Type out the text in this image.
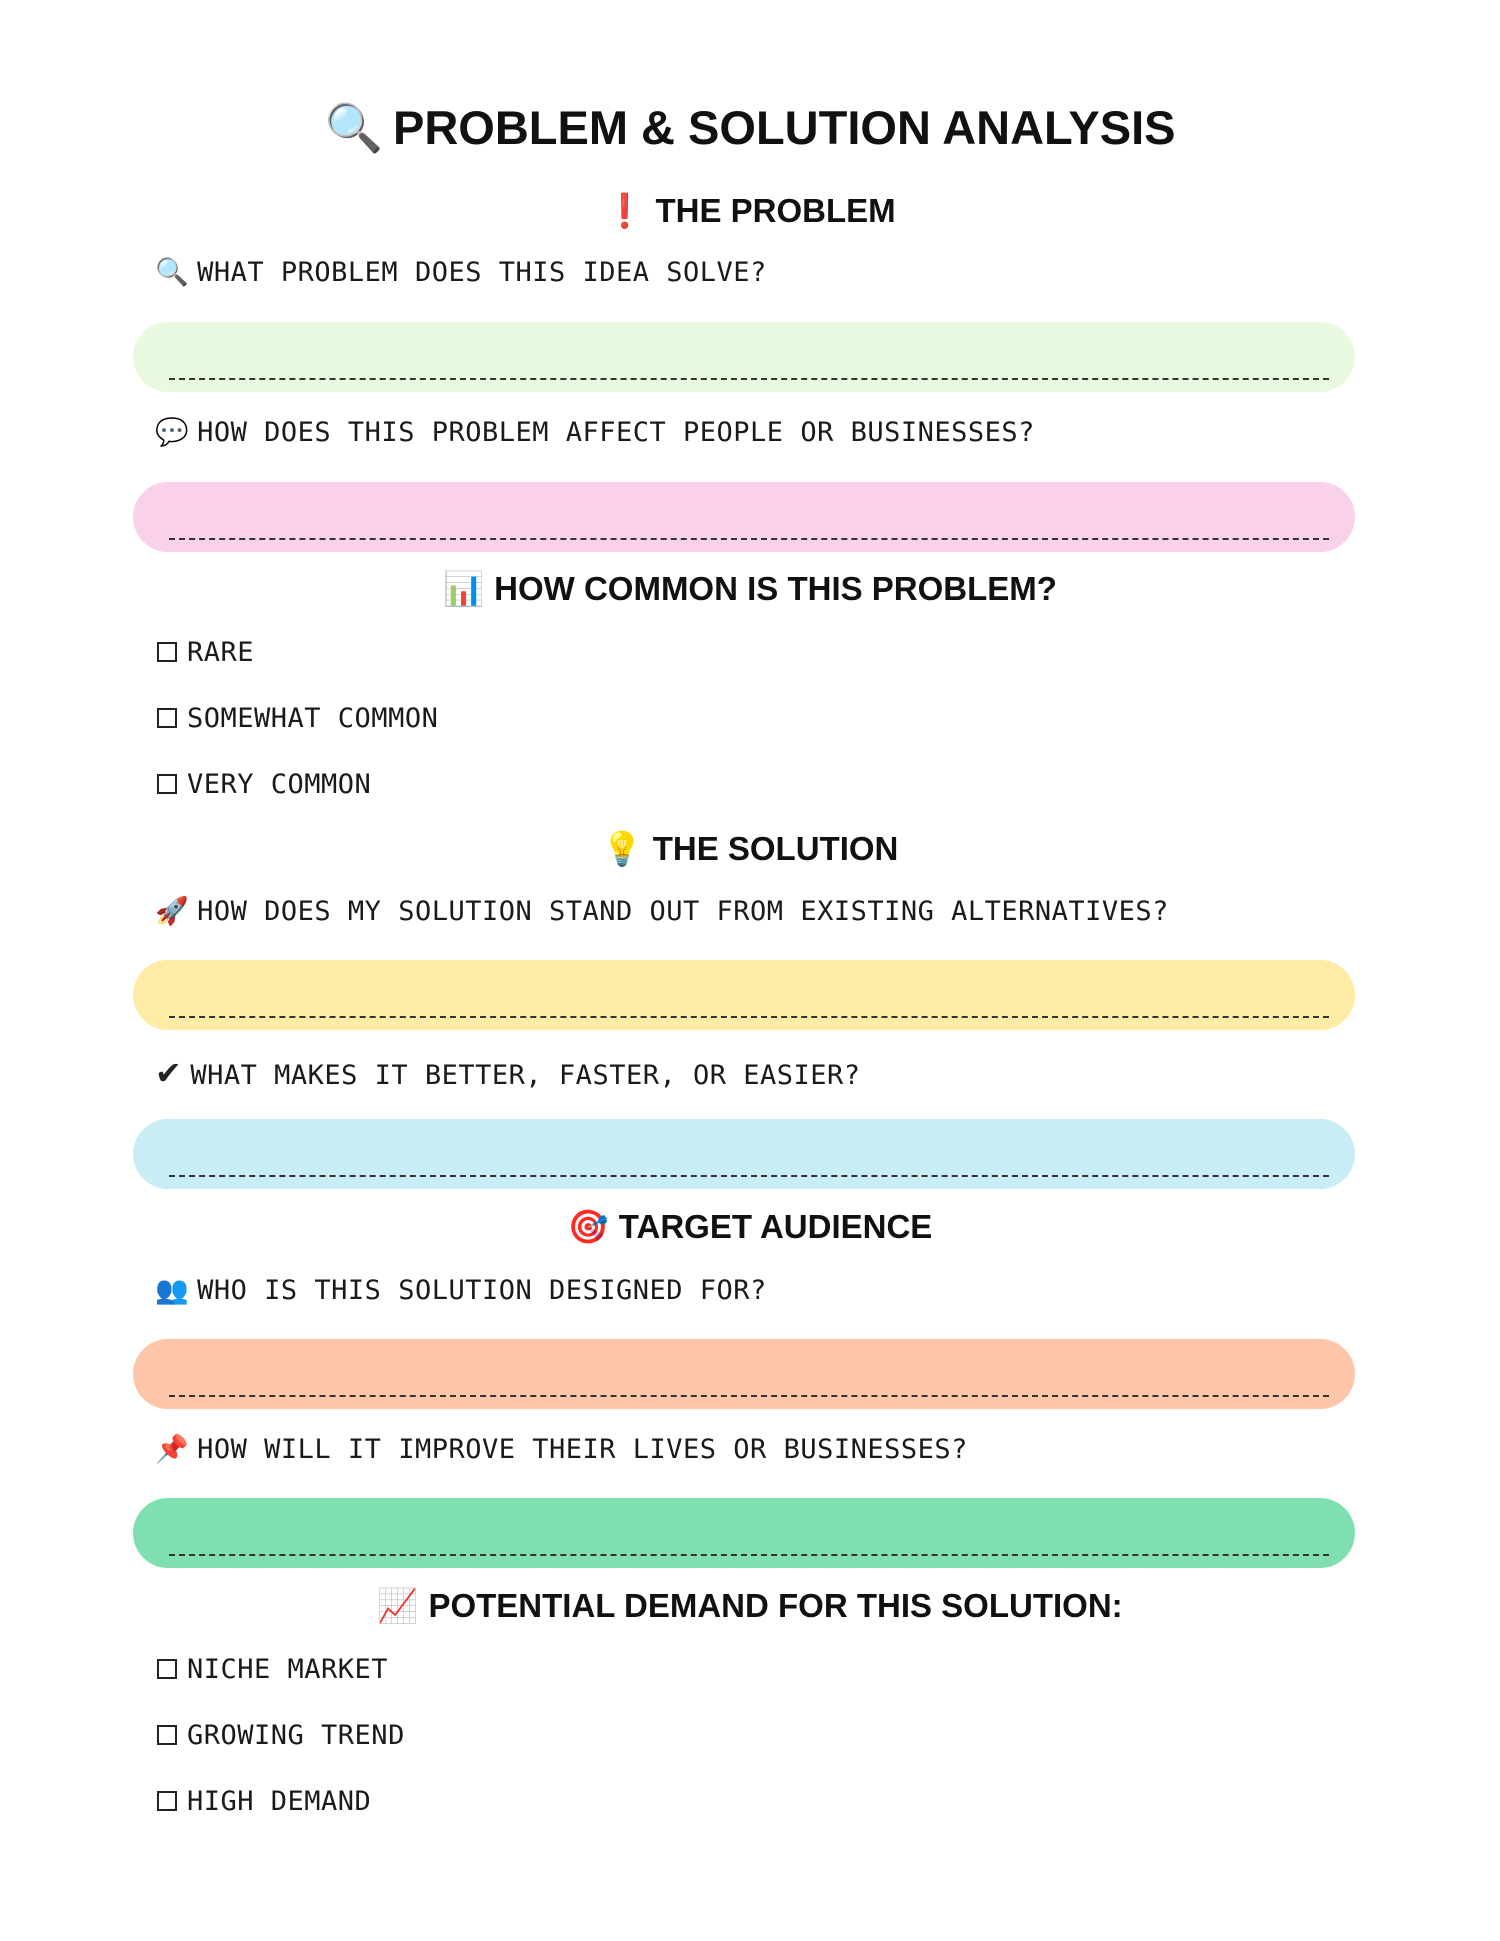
🔍 PROBLEM & SOLUTION ANALYSIS
❗ THE PROBLEM
🔍 WHAT PROBLEM DOES THIS IDEA SOLVE?
💬 HOW DOES THIS PROBLEM AFFECT PEOPLE OR BUSINESSES?
📊 HOW COMMON IS THIS PROBLEM?
RARE
SOMEWHAT COMMON
VERY COMMON
💡 THE SOLUTION
🚀 HOW DOES MY SOLUTION STAND OUT FROM EXISTING ALTERNATIVES?
✔ WHAT MAKES IT BETTER, FASTER, OR EASIER?
🎯 TARGET AUDIENCE
👥 WHO IS THIS SOLUTION DESIGNED FOR?
📌 HOW WILL IT IMPROVE THEIR LIVES OR BUSINESSES?
📈 POTENTIAL DEMAND FOR THIS SOLUTION:
NICHE MARKET
GROWING TREND
HIGH DEMAND
